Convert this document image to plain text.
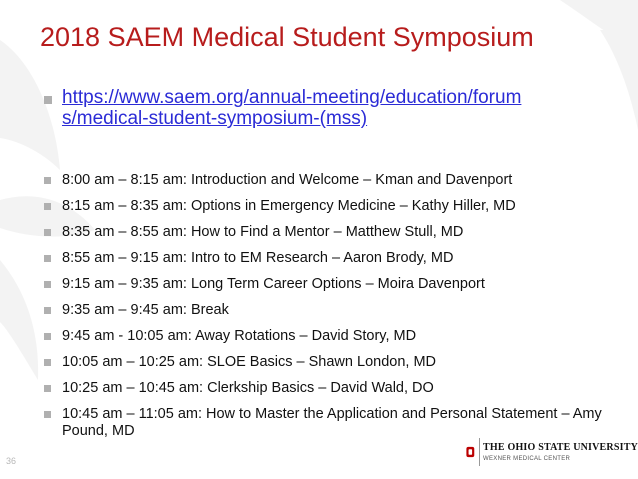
2018 SAEM Medical Student Symposium
https://www.saem.org/annual-meeting/education/forums/medical-student-symposium-(mss)
8:00 am – 8:15 am: Introduction and Welcome – Kman and Davenport
8:15 am – 8:35 am: Options in Emergency Medicine – Kathy Hiller, MD
8:35 am – 8:55 am: How to Find a Mentor – Matthew Stull, MD
8:55 am – 9:15 am: Intro to EM Research – Aaron Brody, MD
9:15 am – 9:35 am: Long Term Career Options – Moira Davenport
9:35 am – 9:45 am: Break
9:45 am - 10:05 am: Away Rotations – David Story, MD
10:05 am – 10:25 am: SLOE Basics – Shawn London, MD
10:25 am – 10:45 am: Clerkship Basics – David Wald, DO
10:45 am – 11:05 am: How to Master the Application and Personal Statement – Amy Pound, MD
36
THE OHIO STATE UNIVERSITY
WEXNER MEDICAL CENTER
